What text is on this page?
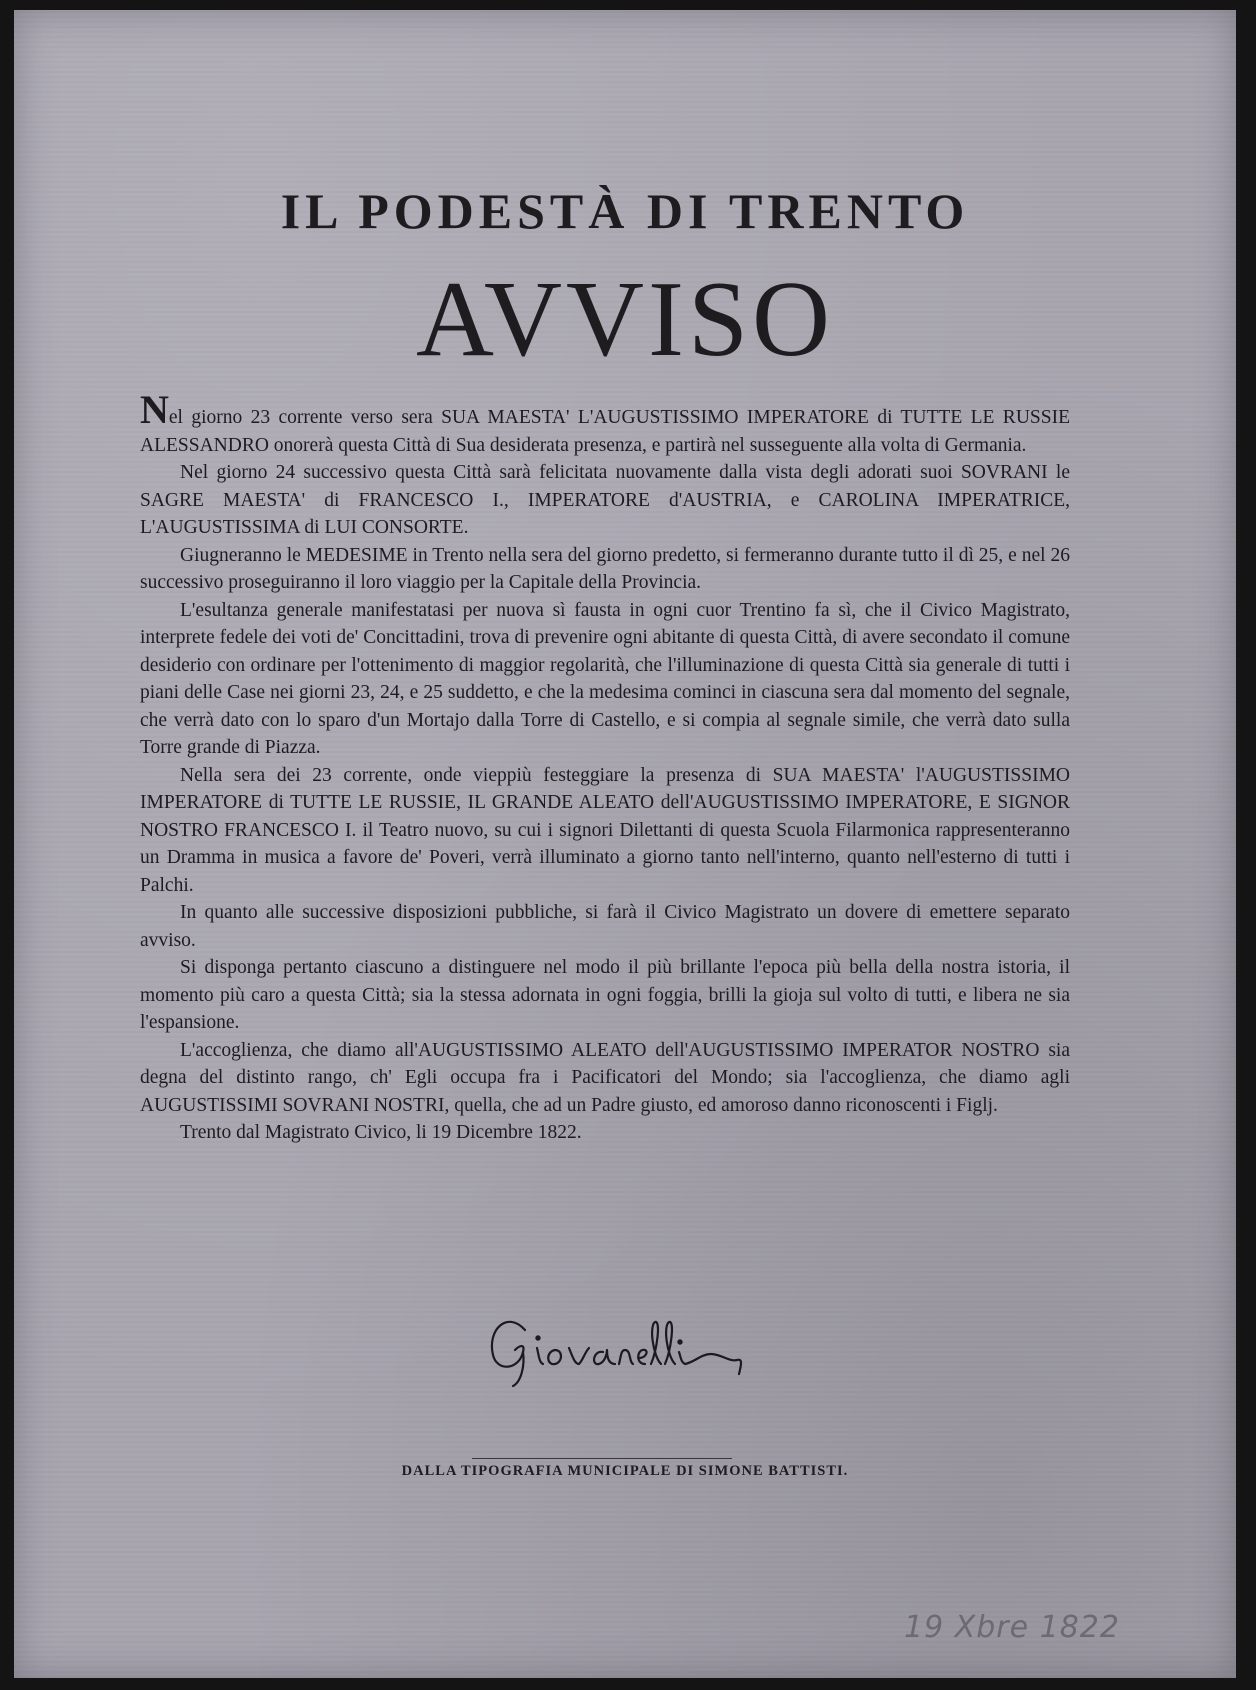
IL PODESTÀ DI TRENTO
AVVISO

Nel giorno 23 corrente verso sera SUA MAESTA' L'AUGUSTISSIMO IMPERATORE di TUTTE LE RUSSIE ALESSANDRO onorerà questa Città di Sua desiderata presenza, e partirà nel susseguente alla volta di Germania.

Nel giorno 24 successivo questa Città sarà felicitata nuovamente dalla vista degli adorati suoi SOVRANI le SAGRE MAESTA' di FRANCESCO I., IMPERATORE d'AUSTRIA, e CAROLINA IMPERATRICE, L'AUGUSTISSIMA di LUI CONSORTE.

Giugneranno le MEDESIME in Trento nella sera del giorno predetto, si fermeranno durante tutto il dì 25, e nel 26 successivo proseguiranno il loro viaggio per la Capitale della Provincia.

L'esultanza generale manifestatasi per nuova sì fausta in ogni cuor Trentino fa sì, che il Civico Magistrato, interprete fedele dei voti de' Concittadini, trova di prevenire ogni abitante di questa Città, di avere secondato il comune desiderio con ordinare per l'ottenimento di maggior regolarità, che l'illuminazione di questa Città sia generale di tutti i piani delle Case nei giorni 23, 24, e 25 suddetto, e che la medesima cominci in ciascuna sera dal momento del segnale, che verrà dato con lo sparo d'un Mortajo dalla Torre di Castello, e si compia al segnale simile, che verrà dato sulla Torre grande di Piazza.

Nella sera dei 23 corrente, onde vieppiù festeggiare la presenza di SUA MAESTA' l'AUGUSTISSIMO IMPERATORE di TUTTE LE RUSSIE, IL GRANDE ALEATO dell'AUGUSTISSIMO IMPERATORE, E SIGNOR NOSTRO FRANCESCO I. il Teatro nuovo, su cui i signori Dilettanti di questa Scuola Filarmonica rappresenteranno un Dramma in musica a favore de' Poveri, verrà illuminato a giorno tanto nell'interno, quanto nell'esterno di tutti i Palchi.

In quanto alle successive disposizioni pubbliche, si farà il Civico Magistrato un dovere di emettere separato avviso.

Si disponga pertanto ciascuno a distinguere nel modo il più brillante l'epoca più bella della nostra istoria, il momento più caro a questa Città; sia la stessa adornata in ogni foggia, brilli la gioja sul volto di tutti, e libera ne sia l'espansione.

L'accoglienza, che diamo all'AUGUSTISSIMO ALEATO dell'AUGUSTISSIMO IMPERATOR NOSTRO sia degna del distinto rango, ch' Egli occupa fra i Pacificatori del Mondo; sia l'accoglienza, che diamo agli AUGUSTISSIMI SOVRANI NOSTRI, quella, che ad un Padre giusto, ed amoroso danno riconoscenti i Figlj.

Trento dal Magistrato Civico, li 19 Dicembre 1822.

DALLA TIPOGRAFIA MUNICIPALE DI SIMONE BATTISTI.
19 Xbre 1822
